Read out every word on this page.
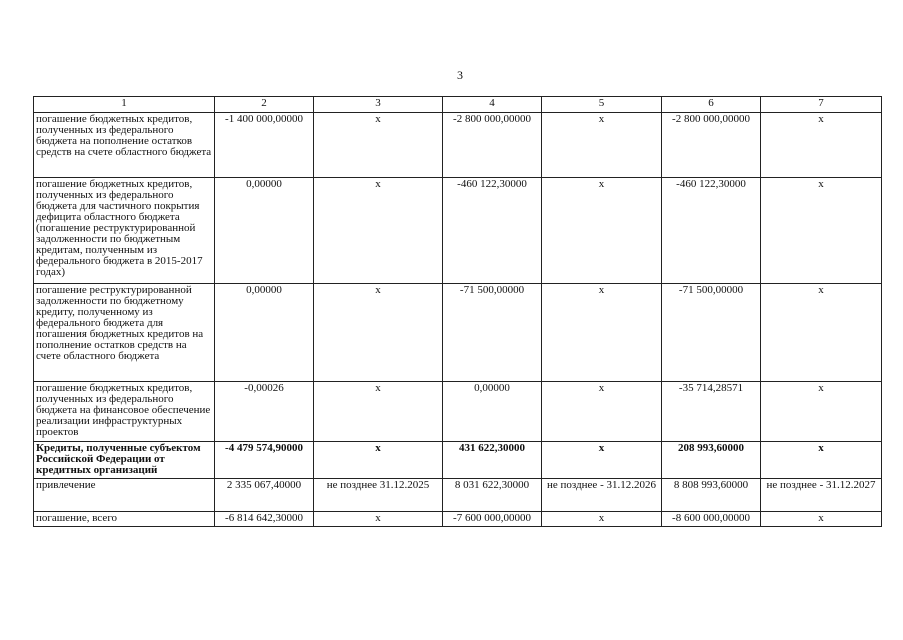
3
1	2	3	4	5	6	7
погашение бюджетных кредитов, полученных из федерального бюджета на пополнение остатков средств на счете областного бюджета	-1 400 000,00000	х	-2 800 000,00000	х	-2 800 000,00000	х
погашение бюджетных кредитов, полученных из федерального бюджета для частичного покрытия дефицита областного бюджета (погашение реструктурированной задолженности по бюджетным кредитам, полученным из федерального бюджета в 2015-2017 годах)	0,00000	х	-460 122,30000	х	-460 122,30000	х
погашение реструктурированной задолженности по бюджетному кредиту, полученному из федерального бюджета для погашения бюджетных кредитов на пополнение остатков средств на счете областного бюджета	0,00000	х	-71 500,00000	х	-71 500,00000	х
погашение бюджетных кредитов, полученных из федерального бюджета на финансовое обеспечение реализации инфраструктурных проектов	-0,00026	х	0,00000	х	-35 714,28571	х
Кредиты, полученные субъектом Российской Федерации от кредитных организаций	-4 479 574,90000	х	431 622,30000	х	208 993,60000	х
привлечение	2 335 067,40000	не позднее 31.12.2025	8 031 622,30000	не позднее - 31.12.2026	8 808 993,60000	не позднее - 31.12.2027
погашение, всего	-6 814 642,30000	х	-7 600 000,00000	х	-8 600 000,00000	х
